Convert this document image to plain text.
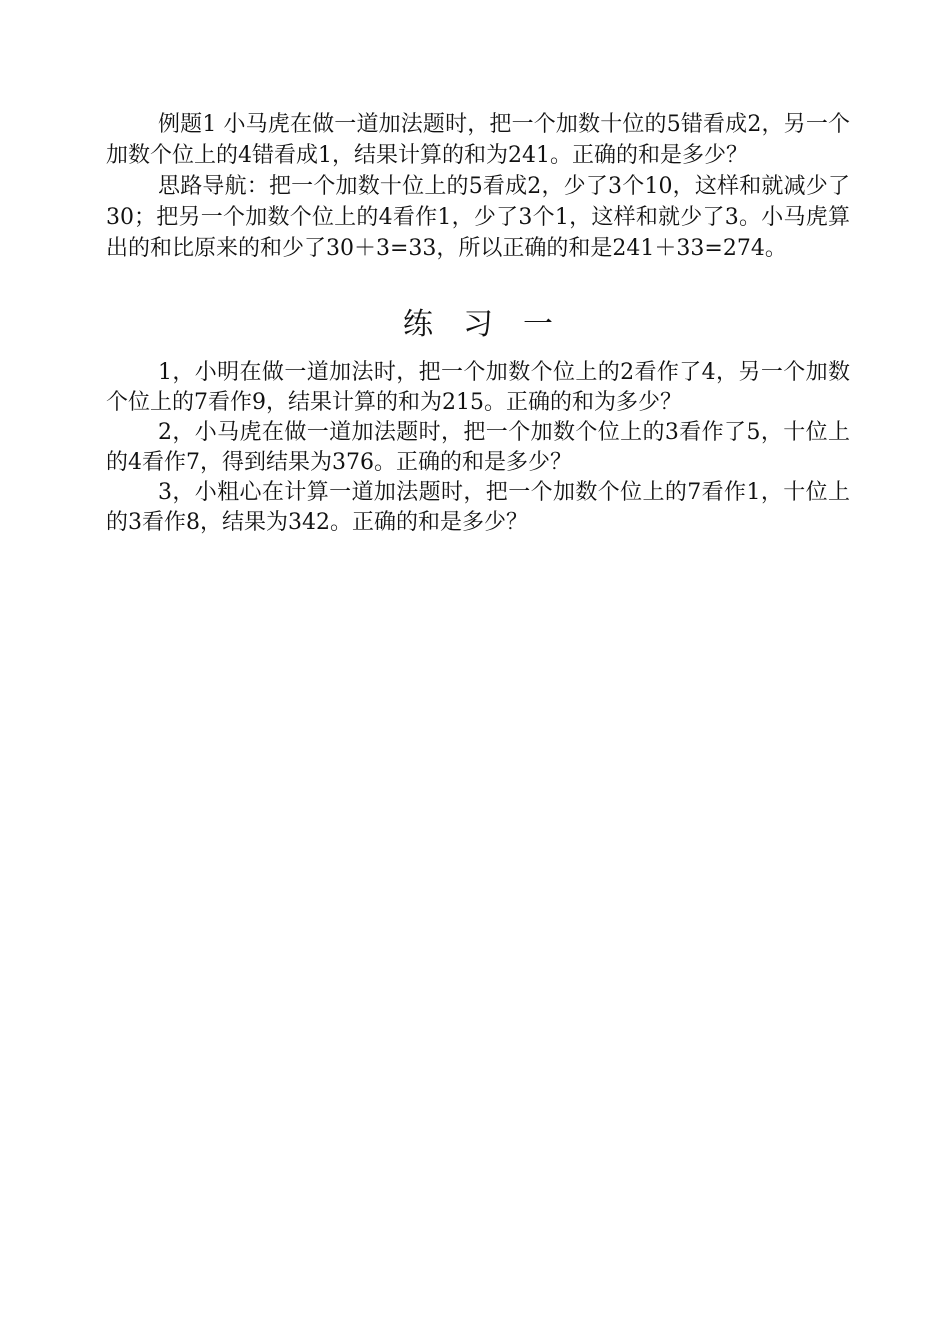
例题1 小马虎在做一道加法题时，把一个加数十位的5错看成2，另一个加数个位上的4错看成1，结果计算的和为241。正确的和是多少？

思路导航：把一个加数十位上的5看成2，少了3个10，这样和就减少了30；把另一个加数个位上的4看作1，少了3个1，这样和就少了3。小马虎算出的和比原来的和少了30＋3=33，所以正确的和是241＋33=274。

练习一

1，小明在做一道加法时，把一个加数个位上的2看作了4，另一个加数个位上的7看作9，结果计算的和为215。正确的和为多少？

2，小马虎在做一道加法题时，把一个加数个位上的3看作了5，十位上的4看作7，得到结果为376。正确的和是多少？

3，小粗心在计算一道加法题时，把一个加数个位上的7看作1，十位上的3看作8，结果为342。正确的和是多少？
